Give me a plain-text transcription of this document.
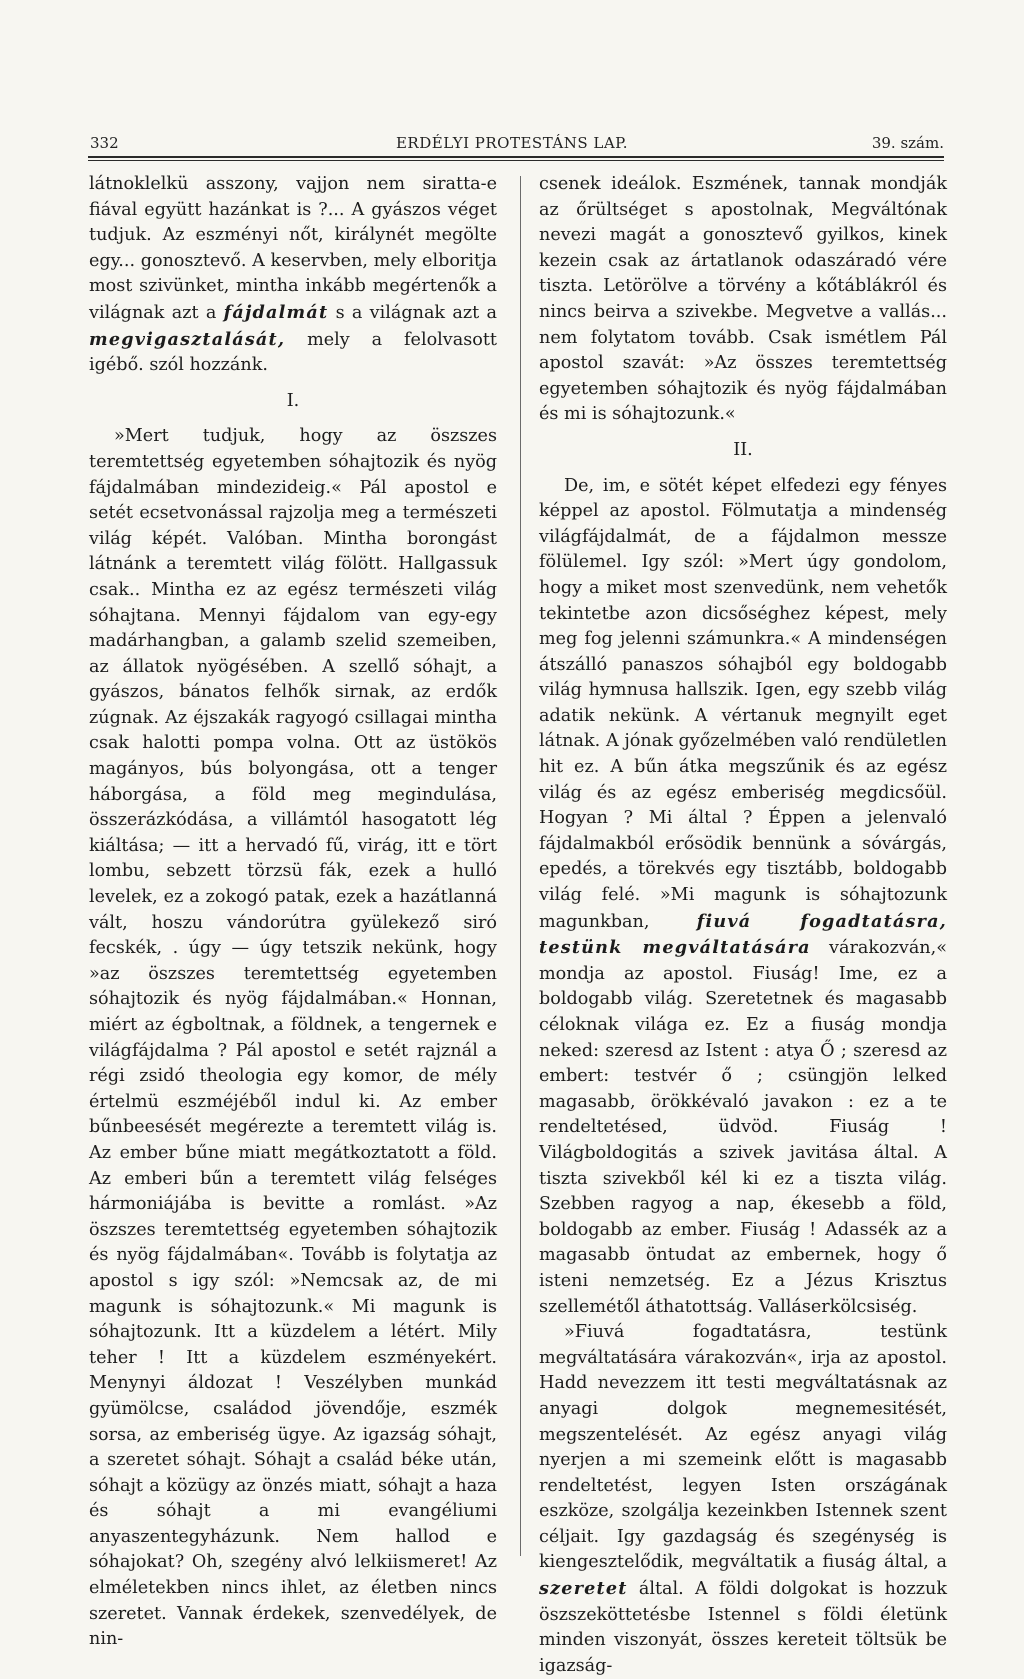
332	ERDÉLYI PROTESTÁNS LAP.	39. szám.

látnoklelkü asszony, vajjon nem siratta-e fiával együtt hazánkat is ?... A gyászos véget tudjuk. Az eszményi nőt, királynét megölte egy... gonosztevő. A keservben, mely elboritja most szivünket, mintha inkább megértenők a világnak azt a fájdalmát s a világnak azt a megvigasztalását, mely a felolvasott igébő. szól hozzánk.

I.

»Mert tudjuk, hogy az öszszes teremtettség egyetemben sóhajtozik és nyög fájdalmában mindezideig.« Pál apostol e setét ecsetvonással rajzolja meg a természeti világ képét. Valóban. Mintha borongást látnánk a teremtett világ fölött. Hallgassuk csak.. Mintha ez az egész természeti világ sóhajtana. Mennyi fájdalom van egy-egy madárhangban, a galamb szelid szemeiben, az állatok nyögésében. A szellő sóhajt, a gyászos, bánatos felhők sirnak, az erdők zúgnak. Az éjszakák ragyogó csillagai mintha csak halotti pompa volna. Ott az üstökös magányos, bús bolyongása, ott a tenger háborgása, a föld meg megindulása, összerázkódása, a villámtól hasogatott lég kiáltása; — itt a hervadó fű, virág, itt e tört lombu, sebzett törzsü fák, ezek a hulló levelek, ez a zokogó patak, ezek a hazátlanná vált, hoszu vándorútra gyülekező siró fecskék, . úgy — úgy tetszik nekünk, hogy »az öszszes teremtettség egyetemben sóhajtozik és nyög fájdalmában.« Honnan, miért az égboltnak, a földnek, a tengernek e világfájdalma ? Pál apostol e setét rajznál a régi zsidó theologia egy komor, de mély értelmü eszméjéből indul ki. Az ember bűnbeesését megérezte a teremtett világ is. Az ember bűne miatt megátkoztatott a föld. Az emberi bűn a teremtett világ felséges hármoniájába is bevitte a romlást. »Az öszszes teremtettség egyetemben sóhajtozik és nyög fájdalmában«. Tovább is folytatja az apostol s igy szól: »Nemcsak az, de mi magunk is sóhajtozunk.« Mi magunk is sóhajtozunk. Itt a küzdelem a létért. Mily teher ! Itt a küzdelem eszményekért. Menynyi áldozat ! Veszélyben munkád gyümölcse, családod jövendője, eszmék sorsa, az emberiség ügye. Az igazság sóhajt, a szeretet sóhajt. Sóhajt a család béke után, sóhajt a közügy az önzés miatt, sóhajt a haza és sóhajt a mi evangéliumi anyaszentegyházunk. Nem hallod e sóhajokat? Oh, szegény alvó lelkiismeret! Az elméletekben nincs ihlet, az életben nincs szeretet. Vannak érdekek, szenvedélyek, de nin-

csenek ideálok. Eszmének, tannak mondják az őrültséget s apostolnak, Megváltónak nevezi magát a gonosztevő gyilkos, kinek kezein csak az ártatlanok odaszáradó vére tiszta. Letörölve a törvény a kőtáblákról és nincs beirva a szivekbe. Megvetve a vallás... nem folytatom tovább. Csak ismétlem Pál apostol szavát: »Az összes teremtettség egyetemben sóhajtozik és nyög fájdalmában és mi is sóhajtozunk.«

II.

De, im, e sötét képet elfedezi egy fényes képpel az apostol. Fölmutatja a mindenség világfájdalmát, de a fájdalmon messze fölülemel. Igy szól: »Mert úgy gondolom, hogy a miket most szenvedünk, nem vehetők tekintetbe azon dicsőséghez képest, mely meg fog jelenni számunkra.« A mindenségen átszálló panaszos sóhajból egy boldogabb világ hymnusa hallszik. Igen, egy szebb világ adatik nekünk. A vértanuk megnyilt eget látnak. A jónak győzelmében való rendületlen hit ez. A bűn átka megszűnik és az egész világ és az egész emberiség megdicsőül. Hogyan ? Mi által ? Éppen a jelenvaló fájdalmakból erősödik bennünk a sóvárgás, epedés, a törekvés egy tisztább, boldogabb világ felé. »Mi magunk is sóhajtozunk magunkban, fiuvá fogadtatásra, testünk megváltatására várakozván,« mondja az apostol. Fiuság! Ime, ez a boldogabb világ. Szeretetnek és magasabb céloknak világa ez. Ez a fiuság mondja neked: szeresd az Istent : atya Ő ; szeresd az embert: testvér ő ; csüngjön lelked magasabb, örökkévaló javakon : ez a te rendeltetésed, üdvöd. Fiuság ! Világboldogitás a szivek javitása által. A tiszta szivekből kél ki ez a tiszta világ. Szebben ragyog a nap, ékesebb a föld, boldogabb az ember. Fiuság ! Adassék az a magasabb öntudat az embernek, hogy ő isteni nemzetség. Ez a Jézus Krisztus szellemétől áthatottság. Valláserkölcsiség.

»Fiuvá fogadtatásra, testünk megváltatására várakozván«, irja az apostol. Hadd nevezzem itt testi megváltatásnak az anyagi dolgok megnemesitését, megszentelését. Az egész anyagi világ nyerjen a mi szemeink előtt is magasabb rendeltetést, legyen Isten országának eszköze, szolgálja kezeinkben Istennek szent céljait. Igy gazdagság és szegénység is kiengesztelődik, megváltatik a fiuság által, a szeretet által. A földi dolgokat is hozzuk öszszeköttetésbe Istennel s földi életünk minden viszonyát, összes kereteit töltsük be igazság-
